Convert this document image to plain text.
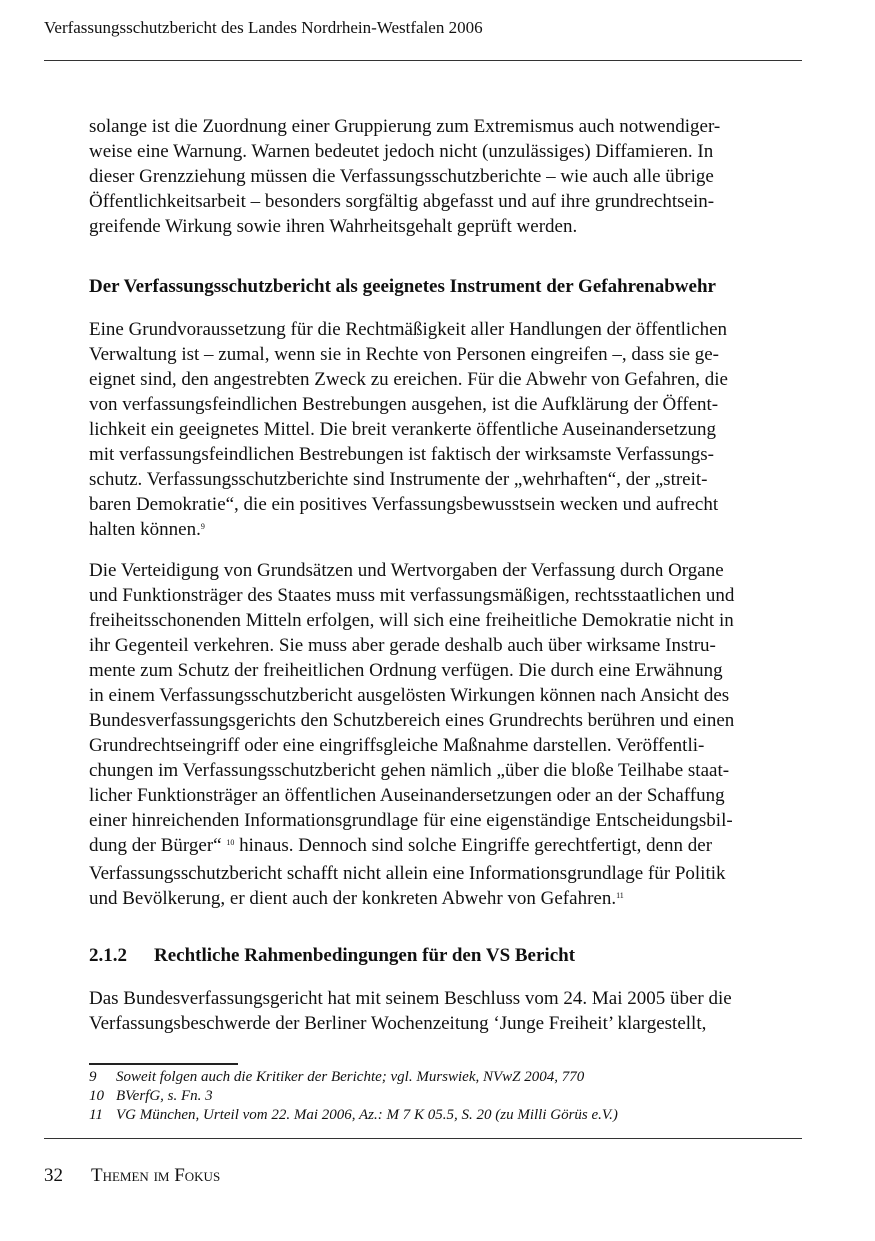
Verfassungsschutzbericht des Landes Nordrhein-Westfalen 2006
solange ist die Zuordnung einer Gruppierung zum Extremismus auch notwendiger-
weise eine Warnung. Warnen bedeutet jedoch nicht (unzulässiges) Diffamieren. In
dieser Grenzziehung müssen die Verfassungsschutzberichte – wie auch alle übrige
Öffentlichkeitsarbeit – besonders sorgfältig abgefasst und auf ihre grundrechtsein-
greifende Wirkung sowie ihren Wahrheitsgehalt geprüft werden.
Der Verfassungsschutzbericht als geeignetes Instrument der Gefahrenabwehr
Eine Grundvoraussetzung für die Rechtmäßigkeit aller Handlungen der öffentlichen
Verwaltung ist – zumal, wenn sie in Rechte von Personen eingreifen –, dass sie ge-
eignet sind, den angestrebten Zweck zu ereichen. Für die Abwehr von Gefahren, die
von verfassungsfeindlichen Bestrebungen ausgehen, ist die Aufklärung der Öffent-
lichkeit ein geeignetes Mittel. Die breit verankerte öffentliche Auseinandersetzung
mit verfassungsfeindlichen Bestrebungen ist faktisch der wirksamste Verfassungs-
schutz. Verfassungsschutzberichte sind Instrumente der „wehrhaften“, der „streit-
baren Demokratie“, die ein positives Verfassungsbewusstsein wecken und aufrecht
halten können.$^9$
Die Verteidigung von Grundsätzen und Wertvorgaben der Verfassung durch Organe
und Funktionsträger des Staates muss mit verfassungsmäßigen, rechtsstaatlichen und
freiheitsschonenden Mitteln erfolgen, will sich eine freiheitliche Demokratie nicht in
ihr Gegenteil verkehren. Sie muss aber gerade deshalb auch über wirksame Instru-
mente zum Schutz der freiheitlichen Ordnung verfügen. Die durch eine Erwähnung
in einem Verfassungsschutzbericht ausgelösten Wirkungen können nach Ansicht des
Bundesverfassungsgerichts den Schutzbereich eines Grundrechts berühren und einen
Grundrechtseingriff oder eine eingriffsgleiche Maßnahme darstellen. Veröffentli-
chungen im Verfassungsschutzbericht gehen nämlich „über die bloße Teilhabe staat-
licher Funktionsträger an öffentlichen Auseinandersetzungen oder an der Schaffung
einer hinreichenden Informationsgrundlage für eine eigenständige Entscheidungsbil-
dung der Bürger“ $^{10}$ hinaus. Dennoch sind solche Eingriffe gerechtfertigt, denn der
Verfassungsschutzbericht schafft nicht allein eine Informationsgrundlage für Politik
und Bevölkerung, er dient auch der konkreten Abwehr von Gefahren.$^{11}$
2.1.2 Rechtliche Rahmenbedingungen für den VS Bericht
Das Bundesverfassungsgericht hat mit seinem Beschluss vom 24. Mai 2005 über die
Verfassungsbeschwerde der Berliner Wochenzeitung ‘Junge Freiheit’ klargestellt,
9 Soweit folgen auch die Kritiker der Berichte; vgl. Murswiek, NVwZ 2004, 770
10 BVerfG, s. Fn. 3
11 VG München, Urteil vom 22. Mai 2006, Az.: M 7 K 05.5, S. 20 (zu Milli Görüs e.V.)
32 Themen im Fokus
